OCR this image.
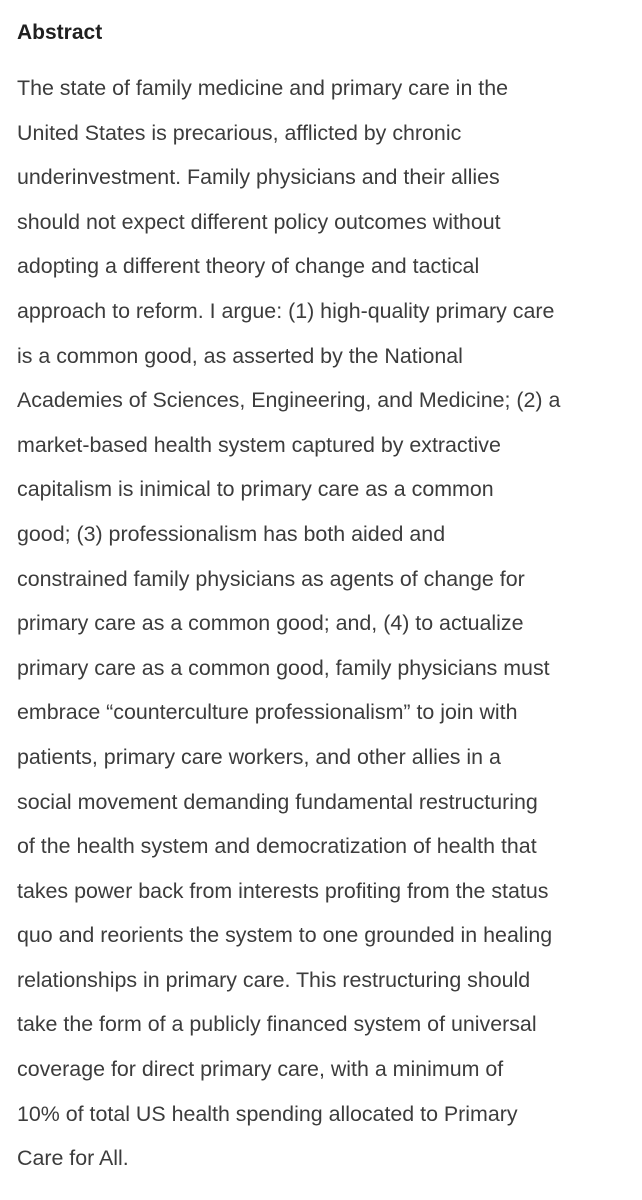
Abstract
The state of family medicine and primary care in the
United States is precarious, afflicted by chronic
underinvestment. Family physicians and their allies
should not expect different policy outcomes without
adopting a different theory of change and tactical
approach to reform. I argue: (1) high-quality primary care
is a common good, as asserted by the National
Academies of Sciences, Engineering, and Medicine; (2) a
market-based health system captured by extractive
capitalism is inimical to primary care as a common
good; (3) professionalism has both aided and
constrained family physicians as agents of change for
primary care as a common good; and, (4) to actualize
primary care as a common good, family physicians must
embrace “counterculture professionalism” to join with
patients, primary care workers, and other allies in a
social movement demanding fundamental restructuring
of the health system and democratization of health that
takes power back from interests profiting from the status
quo and reorients the system to one grounded in healing
relationships in primary care. This restructuring should
take the form of a publicly financed system of universal
coverage for direct primary care, with a minimum of
10% of total US health spending allocated to Primary
Care for All.
